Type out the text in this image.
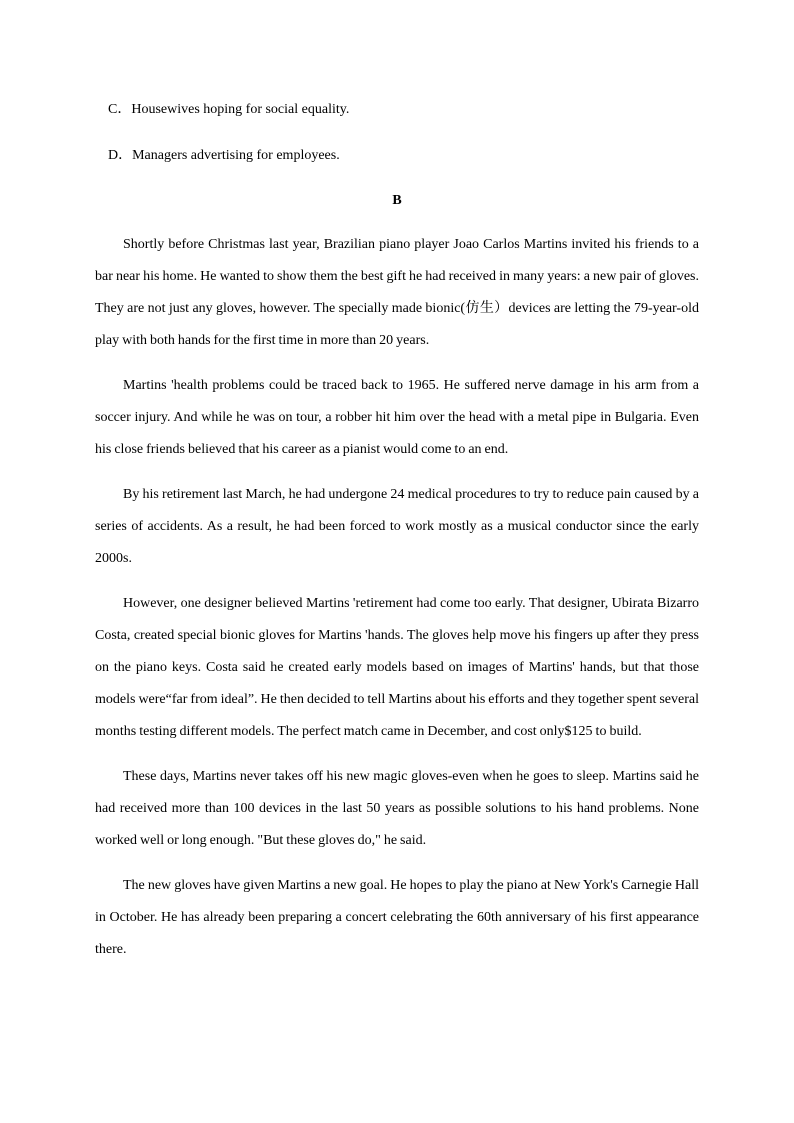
C．Housewives hoping for social equality.
D．Managers advertising for employees.
B

Shortly before Christmas last year, Brazilian piano player Joao Carlos Martins invited his friends to a bar near his home. He wanted to show them the best gift he had received in many years: a new pair of gloves. They are not just any gloves, however. The specially made bionic(仿生）devices are letting the 79-year-old play with both hands for the first time in more than 20 years.

Martins 'health problems could be traced back to 1965. He suffered nerve damage in his arm from a soccer injury. And while he was on tour, a robber hit him over the head with a metal pipe in Bulgaria. Even his close friends believed that his career as a pianist would come to an end.

By his retirement last March, he had undergone 24 medical procedures to try to reduce pain caused by a series of accidents. As a result, he had been forced to work mostly as a musical conductor since the early 2000s.

However, one designer believed Martins 'retirement had come too early. That designer, Ubirata Bizarro Costa, created special bionic gloves for Martins 'hands. The gloves help move his fingers up after they press on the piano keys. Costa said he created early models based on images of Martins' hands, but that those models were“far from ideal”. He then decided to tell Martins about his efforts and they together spent several months testing different models. The perfect match came in December, and cost only$125 to build.

These days, Martins never takes off his new magic gloves-even when he goes to sleep. Martins said he had received more than 100 devices in the last 50 years as possible solutions to his hand problems. None worked well or long enough. "But these gloves do," he said.

The new gloves have given Martins a new goal. He hopes to play the piano at New York's Carnegie Hall in October. He has already been preparing a concert celebrating the 60th anniversary of his first appearance there.
